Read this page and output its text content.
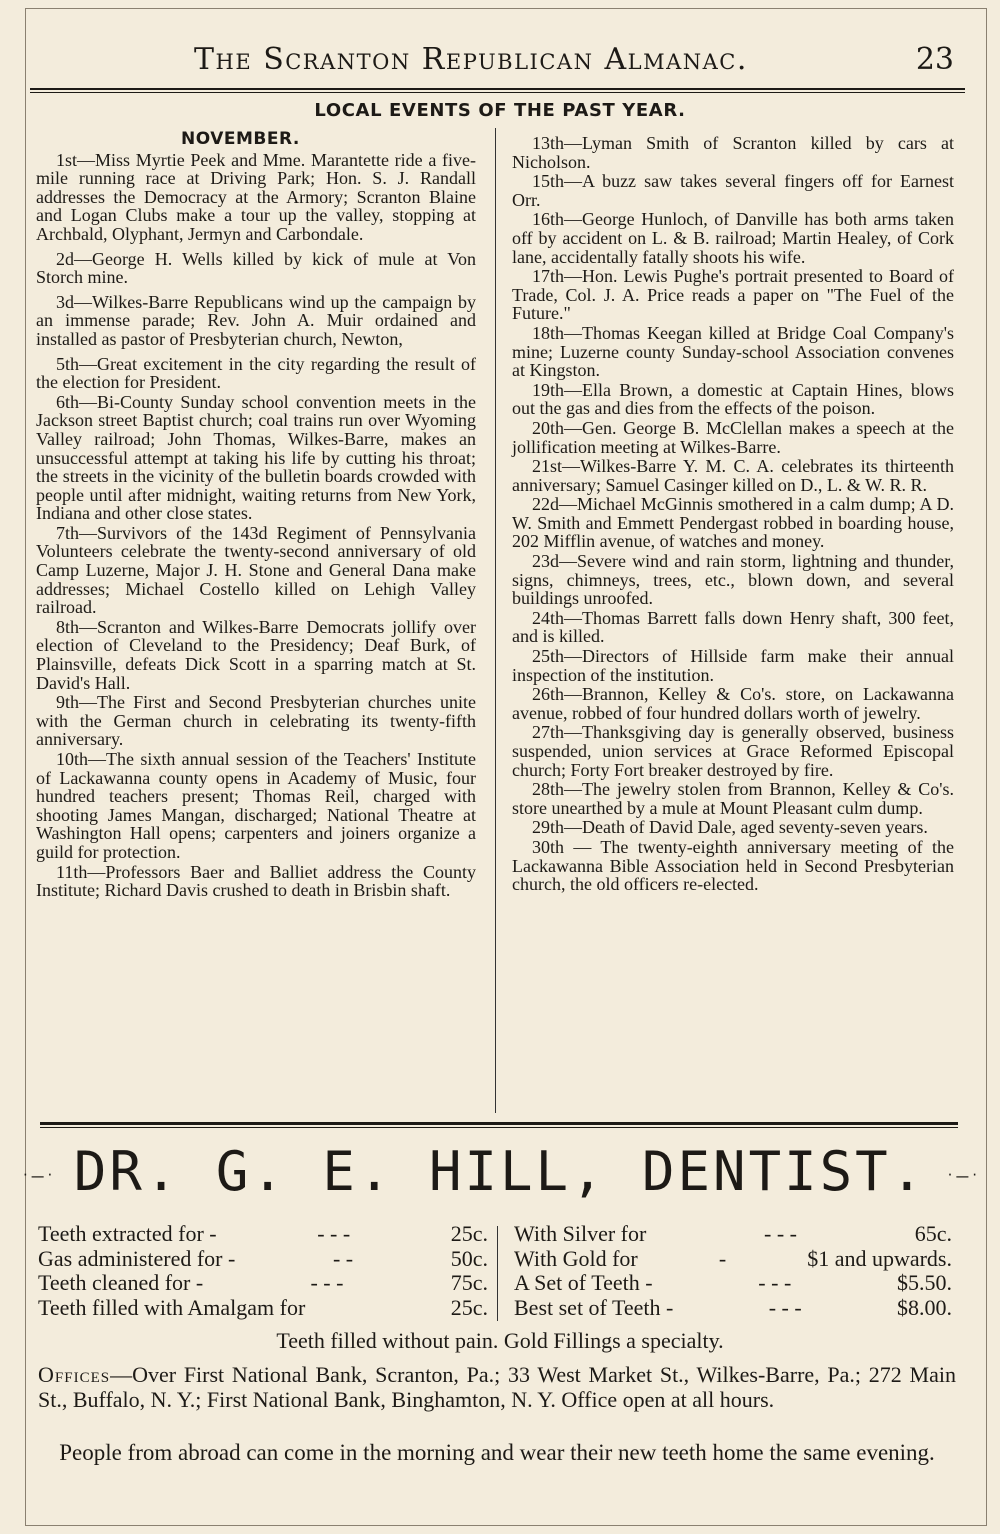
The Scranton Republican Almanac.	23
LOCAL EVENTS OF THE PAST YEAR.
NOVEMBER.

1st—Miss Myrtie Peek and Mme. Marantette ride a five-mile running race at Driving Park; Hon. S. J. Randall addresses the Democracy at the Armory; Scranton Blaine and Logan Clubs make a tour up the valley, stopping at Archbald, Olyphant, Jermyn and Carbondale.

2d—George H. Wells killed by kick of mule at Von Storch mine.

3d—Wilkes-Barre Republicans wind up the campaign by an immense parade; Rev. John A. Muir ordained and installed as pastor of Presbyterian church, Newton,

5th—Great excitement in the city regarding the result of the election for President.

6th—Bi-County Sunday school convention meets in the Jackson street Baptist church; coal trains run over Wyoming Valley railroad; John Thomas, Wilkes-Barre, makes an unsuccessful attempt at taking his life by cutting his throat; the streets in the vicinity of the bulletin boards crowded with people until after midnight, waiting returns from New York, Indiana and other close states.

7th—Survivors of the 143d Regiment of Pennsylvania Volunteers celebrate the twenty-second anniversary of old Camp Luzerne, Major J. H. Stone and General Dana make addresses; Michael Costello killed on Lehigh Valley railroad.

8th—Scranton and Wilkes-Barre Democrats jollify over election of Cleveland to the Presidency; Deaf Burk, of Plainsville, defeats Dick Scott in a sparring match at St. David's Hall.

9th—The First and Second Presbyterian churches unite with the German church in celebrating its twenty-fifth anniversary.

10th—The sixth annual session of the Teachers' Institute of Lackawanna county opens in Academy of Music, four hundred teachers present; Thomas Reil, charged with shooting James Mangan, discharged; National Theatre at Washington Hall opens; carpenters and joiners organize a guild for protection.

11th—Professors Baer and Balliet address the County Institute; Richard Davis crushed to death in Brisbin shaft.

13th—Lyman Smith of Scranton killed by cars at Nicholson.

15th—A buzz saw takes several fingers off for Earnest Orr.

16th—George Hunloch, of Danville has both arms taken off by accident on L. & B. railroad; Martin Healey, of Cork lane, accidentally fatally shoots his wife.

17th—Hon. Lewis Pughe's portrait presented to Board of Trade, Col. J. A. Price reads a paper on "The Fuel of the Future."

18th—Thomas Keegan killed at Bridge Coal Company's mine; Luzerne county Sunday-school Association convenes at Kingston.

19th—Ella Brown, a domestic at Captain Hines, blows out the gas and dies from the effects of the poison.

20th—Gen. George B. McClellan makes a speech at the jollification meeting at Wilkes-Barre.

21st—Wilkes-Barre Y. M. C. A. celebrates its thirteenth anniversary; Samuel Casinger killed on D., L. & W. R. R.

22d—Michael McGinnis smothered in a calm dump; A D. W. Smith and Emmett Pendergast robbed in boarding house, 202 Mifflin avenue, of watches and money.

23d—Severe wind and rain storm, lightning and thunder, signs, chimneys, trees, etc., blown down, and several buildings unroofed.

24th—Thomas Barrett falls down Henry shaft, 300 feet, and is killed.

25th—Directors of Hillside farm make their annual inspection of the institution.

26th—Brannon, Kelley & Co's. store, on Lackawanna avenue, robbed of four hundred dollars worth of jewelry.

27th—Thanksgiving day is generally observed, business suspended, union services at Grace Reformed Episcopal church; Forty Fort breaker destroyed by fire.

28th—The jewelry stolen from Brannon, Kelley & Co's. store unearthed by a mule at Mount Pleasant culm dump.

29th—Death of David Dale, aged seventy-seven years.

30th — The twenty-eighth anniversary meeting of the Lackawanna Bible Association held in Second Presbyterian church, the old officers re-elected.

·–· DR. G. E. HILL, DENTIST. ·–·
Teeth extracted for -	- - -	25c.
Gas administered for -	- -	50c.
Teeth cleaned for -	- - -	75c.
Teeth filled with Amalgam for	25c.
With Silver for	- - -	65c.
With Gold for	-	$1 and upwards.
A Set of Teeth -	- - -	$5.50.
Best set of Teeth -	- - -	$8.00.
Teeth filled without pain. Gold Fillings a specialty.
Offices—Over First National Bank, Scranton, Pa.; 33 West Market St., Wilkes-Barre, Pa.; 272 Main St., Buffalo, N. Y.; First National Bank, Binghamton, N. Y. Office open at all hours.
People from abroad can come in the morning and wear their new teeth home the same evening.
